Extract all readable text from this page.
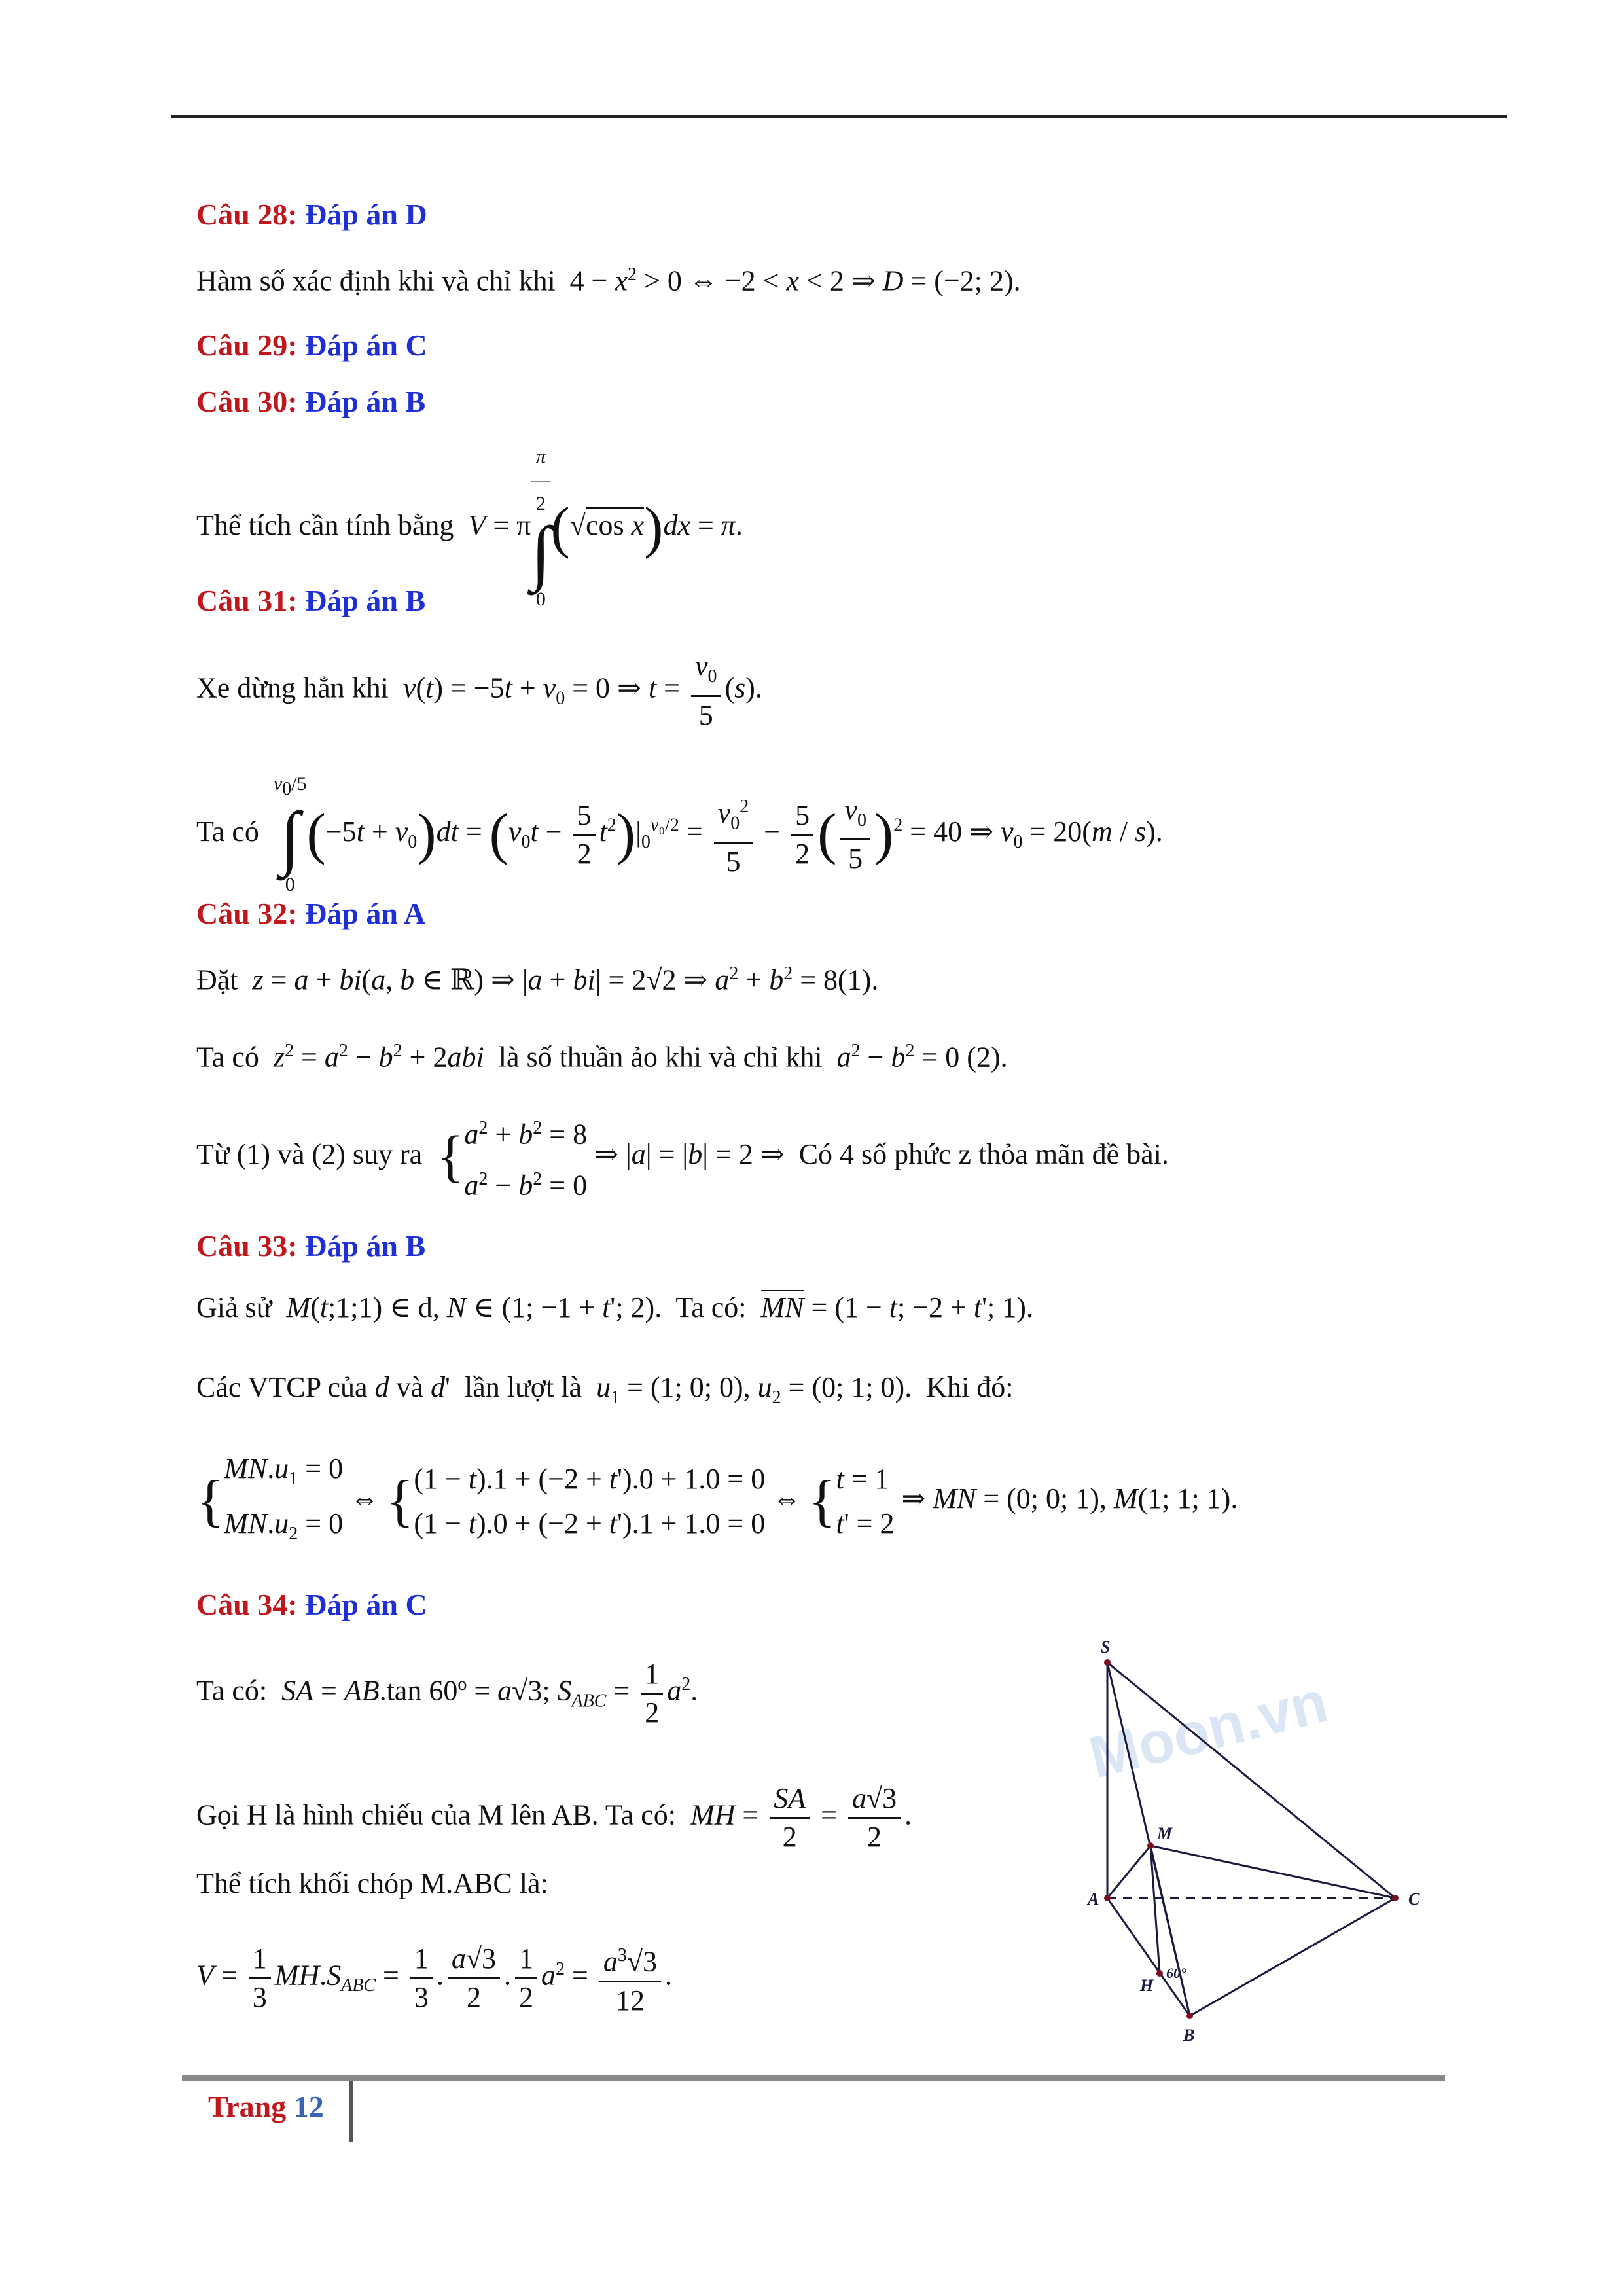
Câu 28: Đáp án D
Hàm số xác định khi và chỉ khi  $4 - x^2 > 0$ ⇔ −2 < x < 2 ⇒ D = (−2; 2).
Câu 29: Đáp án C
Câu 30: Đáp án B
Thể tích cần tính bằng V = ππ
―
2
∫
0(√cos x)dx = π.
Câu 31: Đáp án B
Xe dừng hẳn khi $v(t) = -5t + v_0 = 0$ ⇒ $t = \frac{v_0}{5} (s)$.
Ta có  $v_0/5$
∫
$0(-5t + v_0)dt = (v_0t - \frac{5}{2} t^2)|_0^{v_0/2} = \frac{v_0^2}{5} - \frac{5}{2}$ ( $\frac{v_0}{5} )^2 = 40$ ⇒ $v_0 = 20(m / s)$.
Câu 32: Đáp án A
Đặt z = a + bi(a, b ∈ ℝ) ⇒ |a + bi| = 2√2 ⇒ $a^2 + b^2 = 8(1)$.
Ta có $z^2 = a^2 - b^2 + 2abi$ là số thuần ảo khi và chỉ khi $a^2 - b^2 = 0$ (2).
Từ (1) và (2) suy ra { $a^2 + b^2 = 8$
$a^2 - b^2 = 0$
⇒ |a| = |b| = 2 ⇒  Có 4 số phức z thỏa mãn đề bài.
Câu 33: Đáp án B
Giả sử M(t;1;1) ∈ d, N ∈ (1; −1 + t'; 2).  Ta có: MN = (1 − t; −2 + t'; 1).
Các VTCP của d và d'  lần lượt là $u_1 = (1$; 0; 0), $u_2 = (0$; 1; 0).  Khi đó:
{
$MN.u_1 = 0$
$MN.u_2 = 0$
⇔ { (1 − t).1 + (−2 + t').0 + 1.0 = 0
(1 − t).0 + (−2 + t').1 + 1.0 = 0
⇔ { t = 1
t' = 2
⇒ MN = (0; 0; 1), M(1; 1; 1).
Câu 34: Đáp án C
Ta có: SA = AB.tan $60^o = a√3$; $S_{ABC} = \frac{1}{2} a^2$.
Gọi H là hình chiếu của M lên AB. Ta có: MH = $\frac{SA}{2} = \frac{a√3}{2}$ .
Thể tích khối chóp M.ABC là:
$V = \frac{1}{3} MH.S_{ABC} = \frac{1}{3}$ . $\frac{a√3}{2}$ . $\frac{1}{2} a^2 = \frac{a^3√3}{12}$ .
Moon.vn
S
A	C
B
M
H
60°
Trang 12
